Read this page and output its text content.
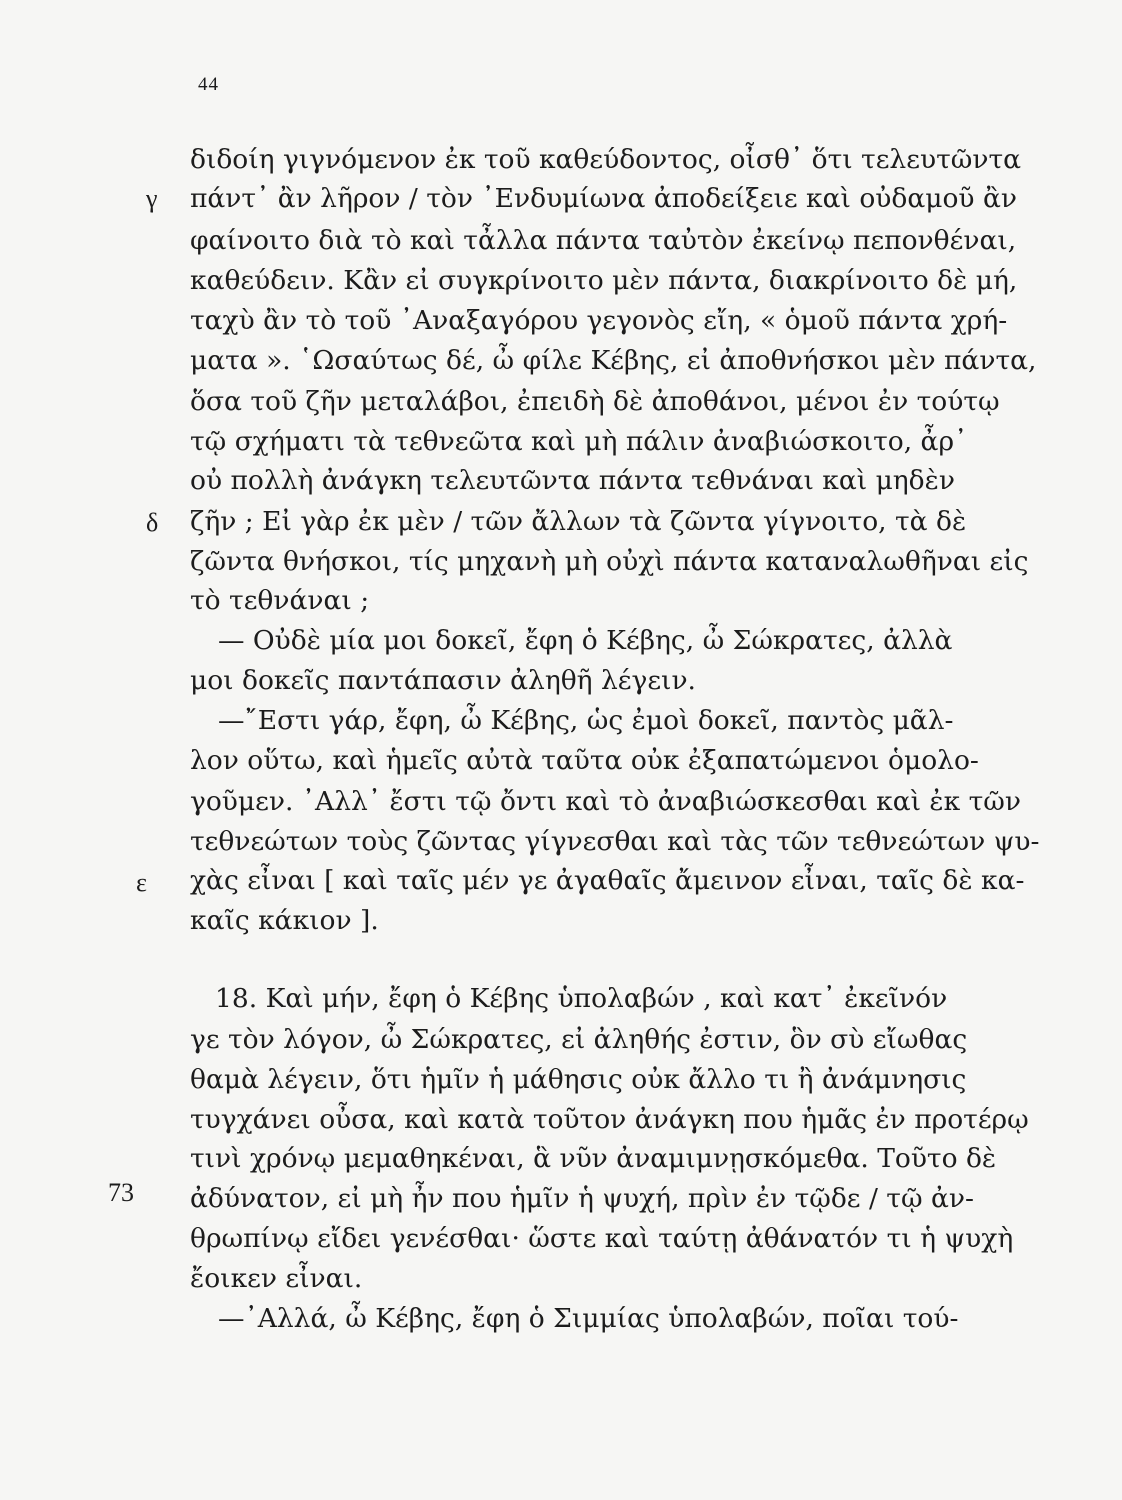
44
γ
δ
ε
73
διδοίη γιγνόμενον ἐκ τοῦ καθεύδοντος, οἶσθ᾽ ὅτι τελευτῶντα
πάντ᾽ ἂν λῆρον / τὸν ᾽Ενδυμίωνα ἀποδείξειε καὶ οὐδαμοῦ ἂν
φαίνοιτο διὰ τὸ καὶ τἆλλα πάντα ταὐτὸν ἐκείνῳ πεπονθέναι,
καθεύδειν. Κἂν εἰ συγκρίνοιτο μὲν πάντα, διακρίνοιτο δὲ μή,
ταχὺ ἂν τὸ τοῦ ᾽Αναξαγόρου γεγονὸς εἴη, « ὁμοῦ πάντα χρή-
ματα ». ῾Ωσαύτως δέ, ὦ φίλε Κέβης, εἰ ἀποθνήσκοι μὲν πάντα,
ὅσα τοῦ ζῆν μεταλάβοι, ἐπειδὴ δὲ ἀποθάνοι, μένοι ἐν τούτῳ
τῷ σχήματι τὰ τεθνεῶτα καὶ μὴ πάλιν ἀναβιώσκοιτο, ἆρ᾽
οὐ πολλὴ ἀνάγκη τελευτῶντα πάντα τεθνάναι καὶ μηδὲν
ζῆν ; Εἰ γὰρ ἐκ μὲν / τῶν ἄλλων τὰ ζῶντα γίγνοιτο, τὰ δὲ
ζῶντα θνήσκοι, τίς μηχανὴ μὴ οὐχὶ πάντα καταναλωθῆναι εἰς
τὸ τεθνάναι ;
— Οὐδὲ μία μοι δοκεῖ, ἔφη ὁ Κέβης, ὦ Σώκρατες, ἀλλὰ
μοι δοκεῖς παντάπασιν ἀληθῆ λέγειν.
—῎Εστι γάρ, ἔφη, ὦ Κέβης, ὡς ἐμοὶ δοκεῖ, παντὸς μᾶλ-
λον οὕτω, καὶ ἡμεῖς αὐτὰ ταῦτα οὐκ ἐξαπατώμενοι ὁμολο-
γοῦμεν. ᾽Αλλ᾽ ἔστι τῷ ὄντι καὶ τὸ ἀναβιώσκεσθαι καὶ ἐκ τῶν
τεθνεώτων τοὺς ζῶντας γίγνεσθαι καὶ τὰς τῶν τεθνεώτων ψυ-
χὰς εἶναι [ καὶ ταῖς μέν γε ἀγαθαῖς ἄμεινον εἶναι, ταῖς δὲ κα-
καῖς κάκιον ].
18. Καὶ μήν, ἔφη ὁ Κέβης ὑπολαβών , καὶ κατ᾽ ἐκεῖνόν
γε τὸν λόγον, ὦ Σώκρατες, εἰ ἀληθής ἐστιν, ὃν σὺ εἴωθας
θαμὰ λέγειν, ὅτι ἡμῖν ἡ μάθησις οὐκ ἄλλο τι ἢ ἀνάμνησις
τυγχάνει οὖσα, καὶ κατὰ τοῦτον ἀνάγκη που ἡμᾶς ἐν προτέρῳ
τινὶ χρόνῳ μεμαθηκέναι, ἃ νῦν ἀναμιμνῃσκόμεθα. Τοῦτο δὲ
ἀδύνατον, εἰ μὴ ἦν που ἡμῖν ἡ ψυχή, πρὶν ἐν τῷδε / τῷ ἀν-
θρωπίνῳ εἴδει γενέσθαι· ὥστε καὶ ταύτῃ ἀθάνατόν τι ἡ ψυχὴ
ἔοικεν εἶναι.
—᾽Αλλά, ὦ Κέβης, ἔφη ὁ Σιμμίας ὑπολαβών, ποῖαι τού-
